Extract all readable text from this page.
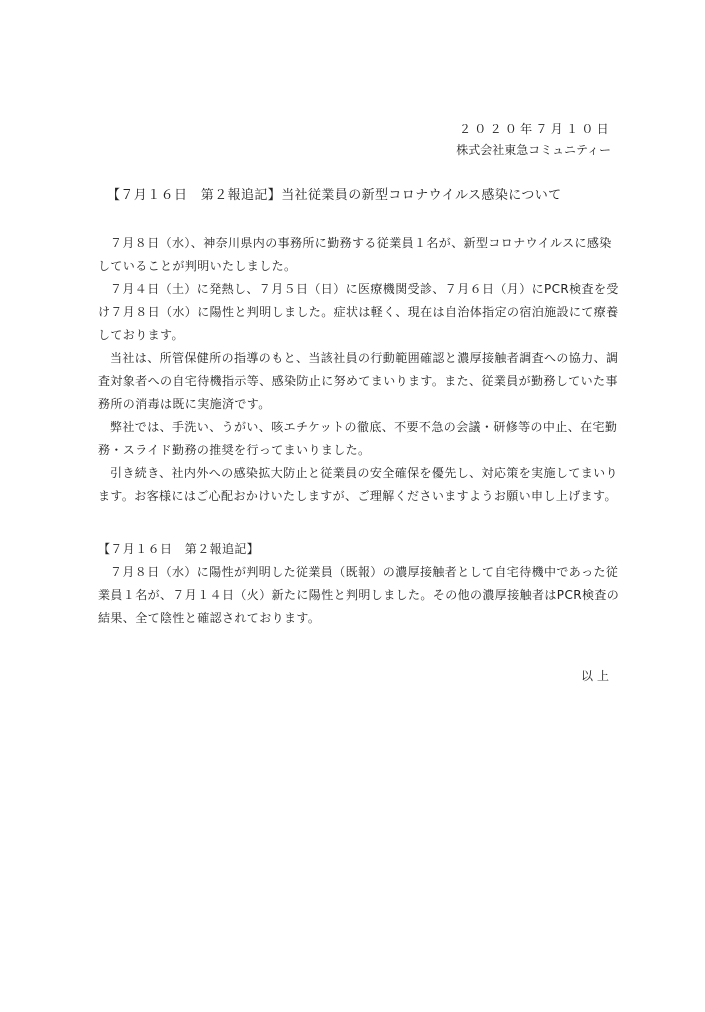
２０２０年７月１０日
株式会社東急コミュニティー
【７月１６日　第２報追記】当社従業員の新型コロナウイルス感染について

７月８日（水）、神奈川県内の事務所に勤務する従業員１名が、新型コロナウイルスに感染していることが判明いたしました。

７月４日（土）に発熱し、７月５日（日）に医療機関受診、７月６日（月）にPCR検査を受け７月８日（水）に陽性と判明しました。症状は軽く、現在は自治体指定の宿泊施設にて療養しております。

当社は、所管保健所の指導のもと、当該社員の行動範囲確認と濃厚接触者調査への協力、調査対象者への自宅待機指示等、感染防止に努めてまいります。また、従業員が勤務していた事務所の消毒は既に実施済です。

弊社では、手洗い、うがい、咳エチケットの徹底、不要不急の会議・研修等の中止、在宅勤務・スライド勤務の推奨を行ってまいりました。

引き続き、社内外への感染拡大防止と従業員の安全確保を優先し、対応策を実施してまいります。お客様にはご心配おかけいたしますが、ご理解くださいますようお願い申し上げます。

【７月１６日　第２報追記】

７月８日（水）に陽性が判明した従業員（既報）の濃厚接触者として自宅待機中であった従業員１名が、７月１４日（火）新たに陽性と判明しました。その他の濃厚接触者はPCR検査の結果、全て陰性と確認されております。

以上
